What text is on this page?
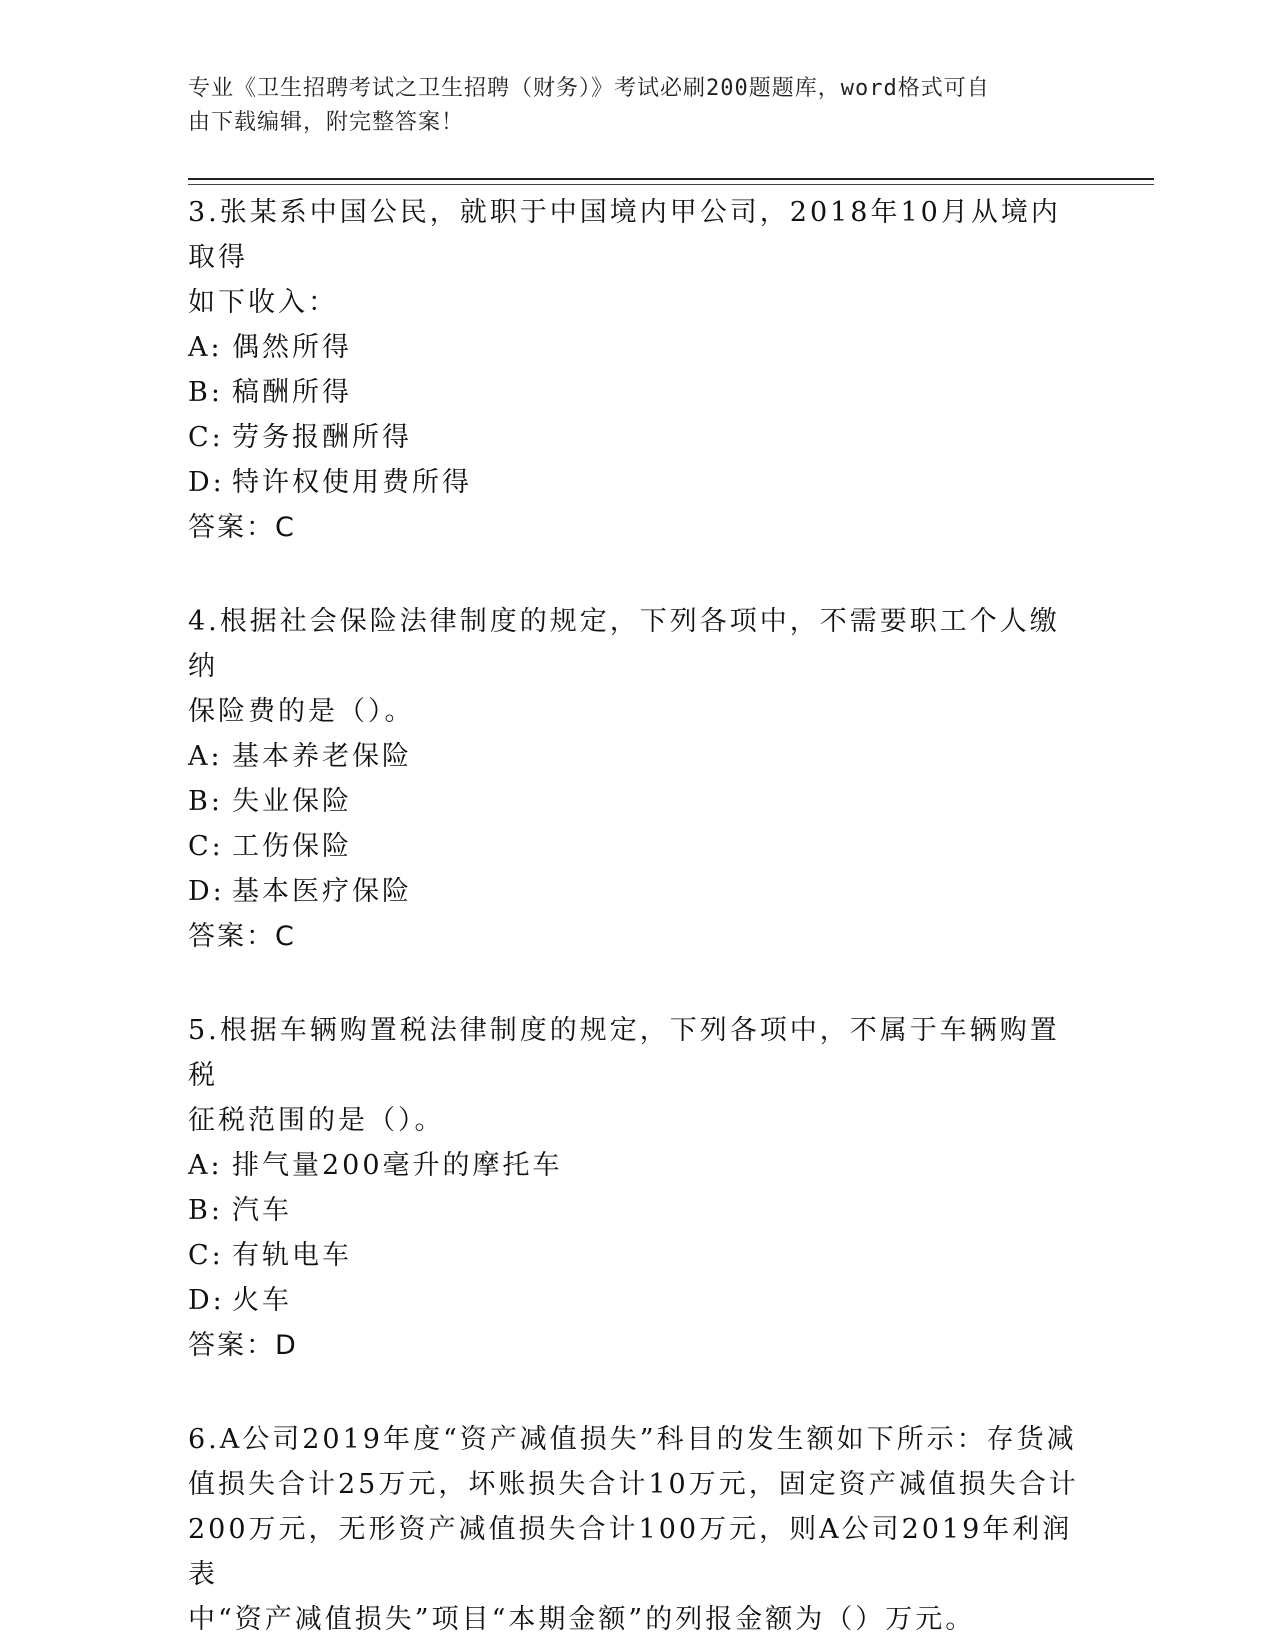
专业《卫生招聘考试之卫生招聘（财务）》考试必刷200题题库，word格式可自
由下载编辑，附完整答案！

3.张某系中国公民，就职于中国境内甲公司，2018年10月从境内取得

如下收入：

A: 偶然所得

B: 稿酬所得

C: 劳务报酬所得

D: 特许权使用费所得

答案：C

4.根据社会保险法律制度的规定，下列各项中，不需要职工个人缴纳

保险费的是（）。

A: 基本养老保险

B: 失业保险

C: 工伤保险

D: 基本医疗保险

答案：C

5.根据车辆购置税法律制度的规定，下列各项中，不属于车辆购置税

征税范围的是（）。

A: 排气量200毫升的摩托车

B: 汽车

C: 有轨电车

D: 火车

答案：D

6.A公司2019年度“资产减值损失”科目的发生额如下所示：存货减

值损失合计25万元，坏账损失合计10万元，固定资产减值损失合计

200万元，无形资产减值损失合计100万元，则A公司2019年利润表

中“资产减值损失”项目“本期金额”的列报金额为（）万元。
